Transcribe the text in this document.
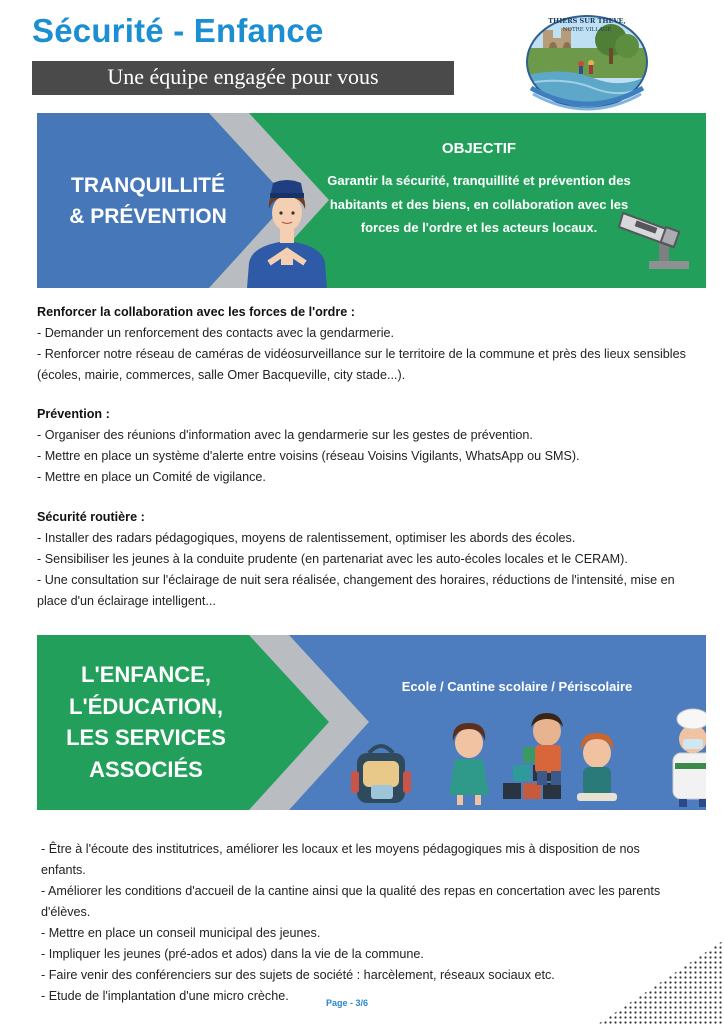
Sécurité - Enfance
Une équipe engagée pour vous
THIERS SUR THEVE,
NOTRE VILLAGE
TRANQUILLITÉ
& PRÉVENTION
OBJECTIF
Garantir la sécurité, tranquillité et prévention des habitants et des biens, en collaboration avec les forces de l'ordre et les acteurs locaux.
Renforcer la collaboration avec les forces de l'ordre :

- Demander un renforcement des contacts avec la gendarmerie.

- Renforcer notre réseau de caméras de vidéosurveillance sur le territoire de la commune et près des lieux sensibles (écoles, mairie, commerces, salle Omer Bacqueville, city stade...).

Prévention :

- Organiser des réunions d'information avec la gendarmerie sur les gestes de prévention.

- Mettre en place un système d'alerte entre voisins (réseau Voisins Vigilants, WhatsApp ou SMS).

- Mettre en place un Comité de vigilance.

Sécurité routière :

- Installer des radars pédagogiques, moyens de ralentissement, optimiser les abords des écoles.

- Sensibiliser les jeunes à la conduite prudente (en partenariat avec les auto-écoles locales et le CERAM).

- Une consultation sur l'éclairage de nuit sera réalisée, changement des horaires, réductions de l'intensité, mise en place d'un éclairage intelligent...

L'ENFANCE,
L'ÉDUCATION,
LES SERVICES
ASSOCIÉS
Ecole / Cantine scolaire / Périscolaire

- Être à l'écoute des institutrices, améliorer les locaux et les moyens pédagogiques mis à disposition de nos enfants.

- Améliorer les conditions d'accueil de la cantine ainsi que la qualité des repas en concertation avec les parents d'élèves.

- Mettre en place un conseil municipal des jeunes.

- Impliquer les jeunes (pré-ados et ados) dans la vie de la commune.

- Faire venir des conférenciers sur des sujets de société : harcèlement, réseaux sociaux etc.

- Etude de l'implantation d'une micro crèche.	Page - 3/6
